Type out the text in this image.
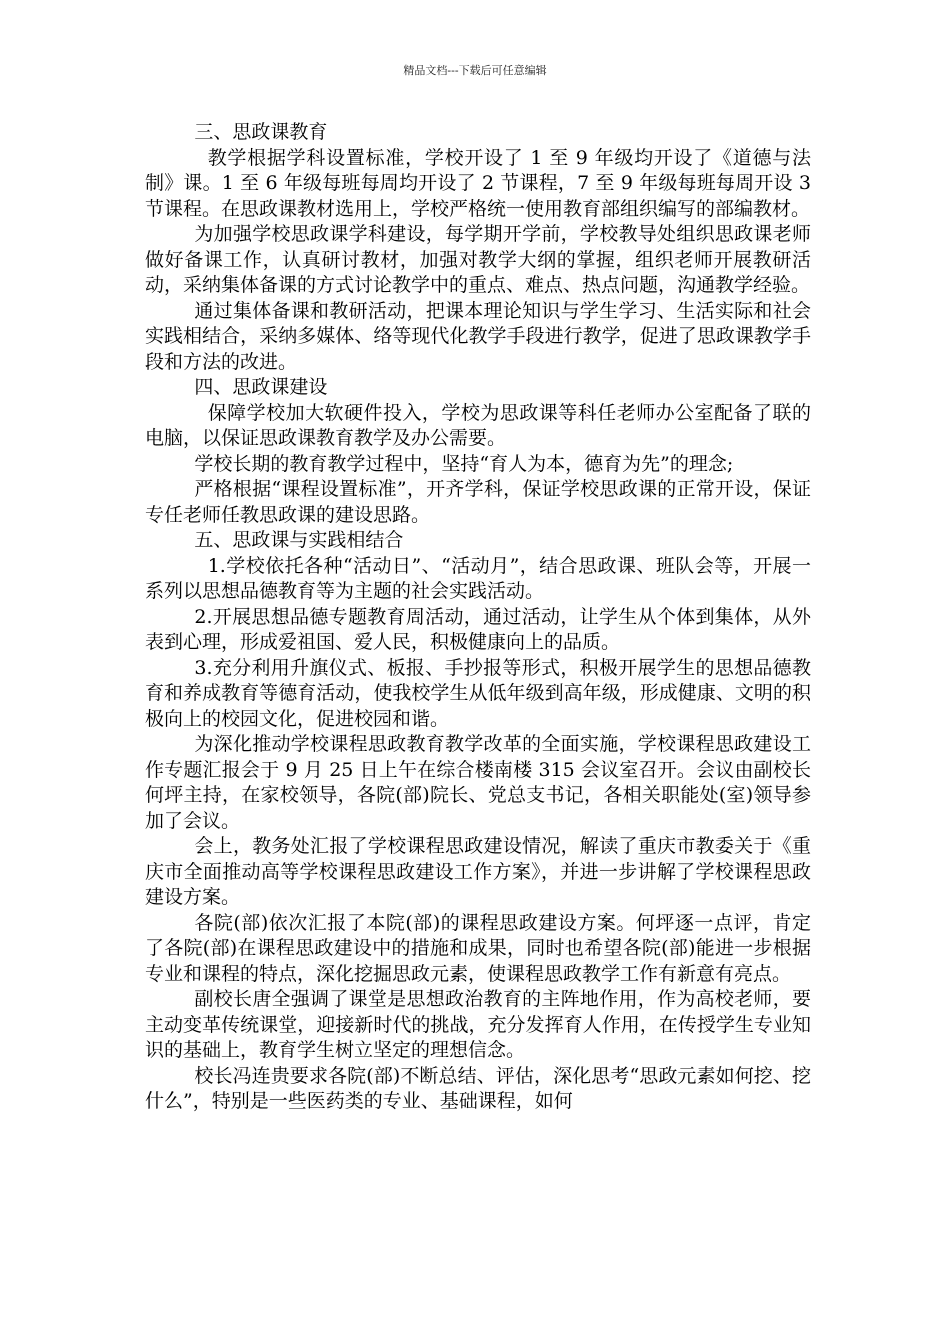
精品文档---下载后可任意编辑

三、思政课教育

教学根据学科设置标准，学校开设了 1 至 9 年级均开设了《道德与法制》课。1 至 6 年级每班每周均开设了 2 节课程，7 至 9 年级每班每周开设 3 节课程。在思政课教材选用上，学校严格统一使用教育部组织编写的部编教材。

为加强学校思政课学科建设，每学期开学前，学校教导处组织思政课老师做好备课工作，认真研讨教材，加强对教学大纲的掌握，组织老师开展教研活动，采纳集体备课的方式讨论教学中的重点、难点、热点问题，沟通教学经验。

通过集体备课和教研活动，把课本理论知识与学生学习、生活实际和社会实践相结合，采纳多媒体、络等现代化教学手段进行教学，促进了思政课教学手段和方法的改进。

四、思政课建设

保障学校加大软硬件投入，学校为思政课等科任老师办公室配备了联的电脑，以保证思政课教育教学及办公需要。

学校长期的教育教学过程中，坚持“育人为本，德育为先”的理念;

严格根据“课程设置标准”，开齐学科，保证学校思政课的正常开设，保证专任老师任教思政课的建设思路。

五、思政课与实践相结合

1.学校依托各种“活动日”、“活动月”，结合思政课、班队会等，开展一系列以思想品德教育等为主题的社会实践活动。

2.开展思想品德专题教育周活动，通过活动，让学生从个体到集体，从外表到心理，形成爱祖国、爱人民，积极健康向上的品质。

3.充分利用升旗仪式、板报、手抄报等形式，积极开展学生的思想品德教育和养成教育等德育活动，使我校学生从低年级到高年级，形成健康、文明的积极向上的校园文化，促进校园和谐。

为深化推动学校课程思政教育教学改革的全面实施，学校课程思政建设工作专题汇报会于 9 月 25 日上午在综合楼南楼 315 会议室召开。会议由副校长何坪主持，在家校领导，各院(部)院长、党总支书记，各相关职能处(室)领导参加了会议。

会上，教务处汇报了学校课程思政建设情况，解读了重庆市教委关于《重庆市全面推动高等学校课程思政建设工作方案》，并进一步讲解了学校课程思政建设方案。

各院(部)依次汇报了本院(部)的课程思政建设方案。何坪逐一点评，肯定了各院(部)在课程思政建设中的措施和成果，同时也希望各院(部)能进一步根据专业和课程的特点，深化挖掘思政元素，使课程思政教学工作有新意有亮点。

副校长唐全强调了课堂是思想政治教育的主阵地作用，作为高校老师，要主动变革传统课堂，迎接新时代的挑战，充分发挥育人作用，在传授学生专业知识的基础上，教育学生树立坚定的理想信念。

校长冯连贵要求各院(部)不断总结、评估，深化思考“思政元素如何挖、挖什么”，特别是一些医药类的专业、基础课程，如何
